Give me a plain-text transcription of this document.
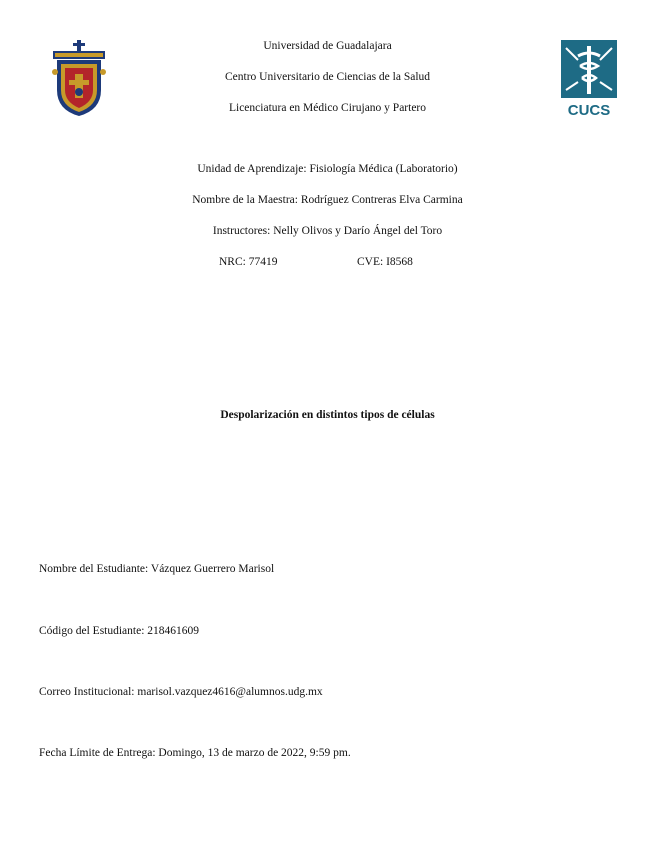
CUCS
Universidad de Guadalajara
Centro Universitario de Ciencias de la Salud
Licenciatura en Médico Cirujano y Partero
Unidad de Aprendizaje: Fisiología Médica (Laboratorio)
Nombre de la Maestra: Rodríguez Contreras Elva Carmina
Instructores: Nelly Olivos y Darío Ángel del Toro
NRC: 77419	CVE: I8568
Despolarización en distintos tipos de células
Nombre del Estudiante: Vázquez Guerrero Marisol
Código del Estudiante: 218461609
Correo Institucional: marisol.vazquez4616@alumnos.udg.mx
Fecha Límite de Entrega: Domingo, 13 de marzo de 2022, 9:59 pm.
